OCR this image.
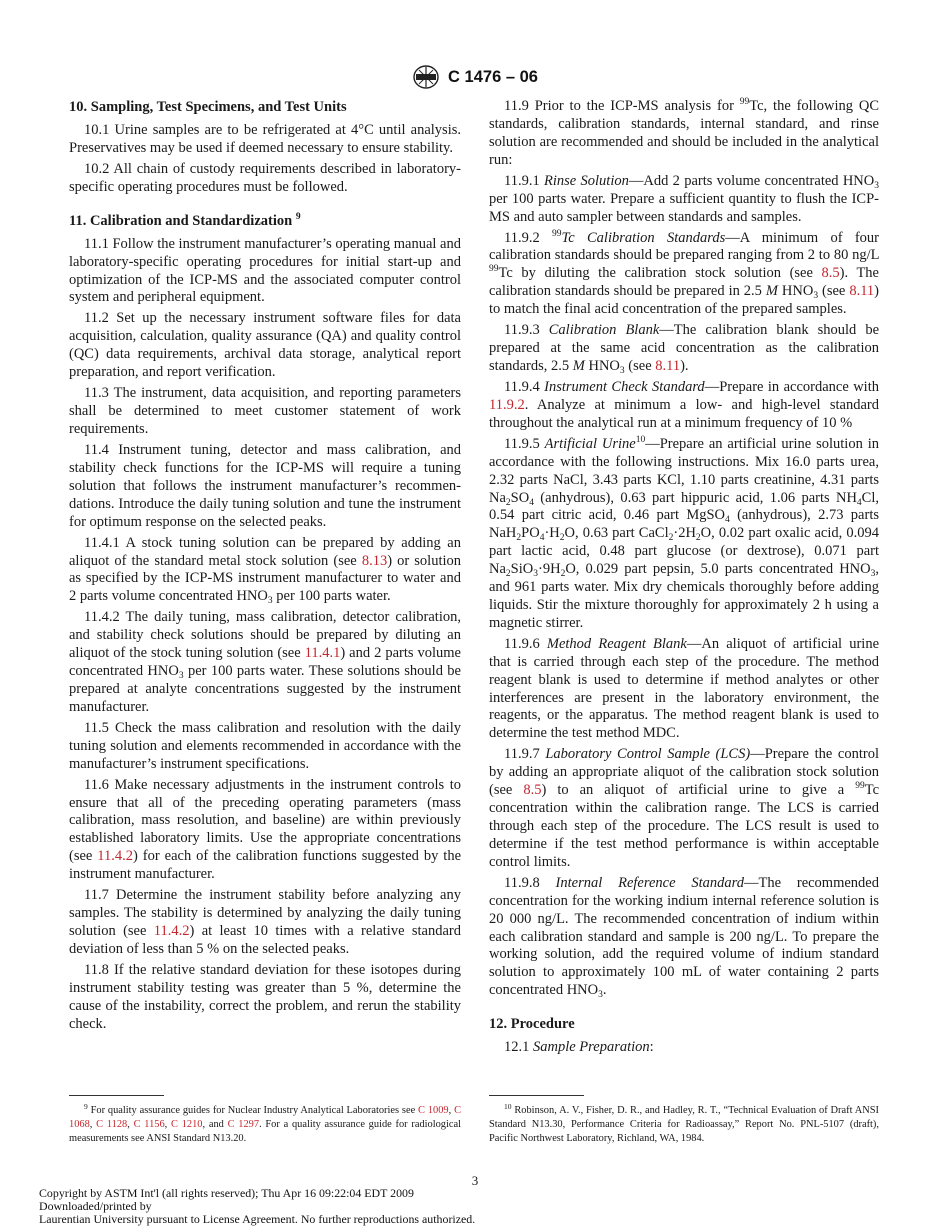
C 1476 – 06
10. Sampling, Test Specimens, and Test Units

10.1 Urine samples are to be refrigerated at 4°C until analysis. Preservatives may be used if deemed necessary to ensure stability.

10.2 All chain of custody requirements described in laboratory-specific operating procedures must be followed.

11. Calibration and Standardization $^9$

11.1 Follow the instrument manufacturer’s operating manual and laboratory-specific operating procedures for initial start-up and optimization of the ICP-MS and the associated computer control system and peripheral equipment.

11.2 Set up the necessary instrument software files for data acquisition, calculation, quality assurance (QA) and quality control (QC) data requirements, archival data storage, analytical report preparation, and report verification.

11.3 The instrument, data acquisition, and reporting parameters shall be determined to meet customer statement of work requirements.

11.4 Instrument tuning, detector and mass calibration, and stability check functions for the ICP-MS will require a tuning solution that follows the instrument manufacturer’s recommendations. Introduce the daily tuning solution and tune the instrument for optimum response on the selected peaks.

11.4.1 A stock tuning solution can be prepared by adding an aliquot of the standard metal stock solution (see 8.13) or solution as specified by the ICP-MS instrument manufacturer to water and 2 parts volume concentrated $HNO_3$ per 100 parts water.

11.4.2 The daily tuning, mass calibration, detector calibration, and stability check solutions should be prepared by diluting an aliquot of the stock tuning solution (see 11.4.1) and 2 parts volume concentrated $HNO_3$ per 100 parts water. These solutions should be prepared at analyte concentrations suggested by the instrument manufacturer.

11.5 Check the mass calibration and resolution with the daily tuning solution and elements recommended in accordance with the manufacturer’s instrument specifications.

11.6 Make necessary adjustments in the instrument controls to ensure that all of the preceding operating parameters (mass calibration, mass resolution, and baseline) are within previously established laboratory limits. Use the appropriate concentrations (see 11.4.2) for each of the calibration functions suggested by the instrument manufacturer.

11.7 Determine the instrument stability before analyzing any samples. The stability is determined by analyzing the daily tuning solution (see 11.4.2) at least 10 times with a relative standard deviation of less than 5 % on the selected peaks.

11.8 If the relative standard deviation for these isotopes during instrument stability testing was greater than 5 %, determine the cause of the instability, correct the problem, and rerun the stability check.

11.9 Prior to the ICP-MS analysis for $^{99}$Tc, the following QC standards, calibration standards, internal standard, and rinse solution are recommended and should be included in the analytical run:

11.9.1 Rinse Solution—Add 2 parts volume concentrated $HNO_3$ per 100 parts water. Prepare a sufficient quantity to flush the ICP-MS and auto sampler between standards and samples.

11.9.2 $^{99}$Tc Calibration Standards—A minimum of four calibration standards should be prepared ranging from 2 to 80 ng/L $^{99}$Tc by diluting the calibration stock solution (see 8.5). The calibration standards should be prepared in 2.5 M $HNO_3$ (see 8.11) to match the final acid concentration of the prepared samples.

11.9.3 Calibration Blank—The calibration blank should be prepared at the same acid concentration as the calibration standards, 2.5 M $HNO_3$ (see 8.11).

11.9.4 Instrument Check Standard—Prepare in accordance with 11.9.2. Analyze at minimum a low- and high-level standard throughout the analytical run at a minimum frequency of 10 %

11.9.5 Artificial Urine$^{10}$—Prepare an artificial urine solution in accordance with the following instructions. Mix 16.0 parts urea, 2.32 parts NaCl, 3.43 parts KCl, 1.10 parts creatinine, 4.31 parts $Na_2SO_4$ (anhydrous), 0.63 part hippuric acid, 1.06 parts $NH_4Cl$, 0.54 part citric acid, 0.46 part MgSO$_4$ (anhydrous), 2.73 parts $NaH_2PO_4\cdot H_2O$, 0.63 part $CaCl_2\cdot 2H_2O$, 0.02 part oxalic acid, 0.094 part lactic acid, 0.48 part glucose (or dextrose), 0.071 part $Na_2SiO_3\cdot 9H_2O$, 0.029 part pepsin, 5.0 parts concentrated $HNO_3$, and 961 parts water. Mix dry chemicals thoroughly before adding liquids. Stir the mixture thoroughly for approximately 2 h using a magnetic stirrer.

11.9.6 Method Reagent Blank—An aliquot of artificial urine that is carried through each step of the procedure. The method reagent blank is used to determine if method analytes or other interferences are present in the laboratory environment, the reagents, or the apparatus. The method reagent blank is used to determine the test method MDC.

11.9.7 Laboratory Control Sample (LCS)—Prepare the control by adding an appropriate aliquot of the calibration stock solution (see 8.5) to an aliquot of artificial urine to give a $^{99}$Tc concentration within the calibration range. The LCS is carried through each step of the procedure. The LCS result is used to determine if the test method performance is within acceptable control limits.

11.9.8 Internal Reference Standard—The recommended concentration for the working indium internal reference solution is 20 000 ng/L. The recommended concentration of indium within each calibration standard and sample is 200 ng/L. To prepare the working solution, add the required volume of indium standard solution to approximately 100 mL of water containing 2 parts concentrated $HNO_3$.

12. Procedure

12.1 Sample Preparation:

$^9$ For quality assurance guides for Nuclear Industry Analytical Laboratories see C 1009, C 1068, C 1128, C 1156, C 1210, and C 1297. For a quality assurance guide for radiological measurements see ANSI Standard N13.20.
$^{10}$ Robinson, A. V., Fisher, D. R., and Hadley, R. T., “Technical Evaluation of Draft ANSI Standard N13.30, Performance Criteria for Radioassay,” Report No. PNL-5107 (draft), Pacific Northwest Laboratory, Richland, WA, 1984.
3
Copyright by ASTM Int'l (all rights reserved); Thu Apr 16 09:22:04 EDT 2009
Downloaded/printed by
Laurentian University pursuant to License Agreement. No further reproductions authorized.
